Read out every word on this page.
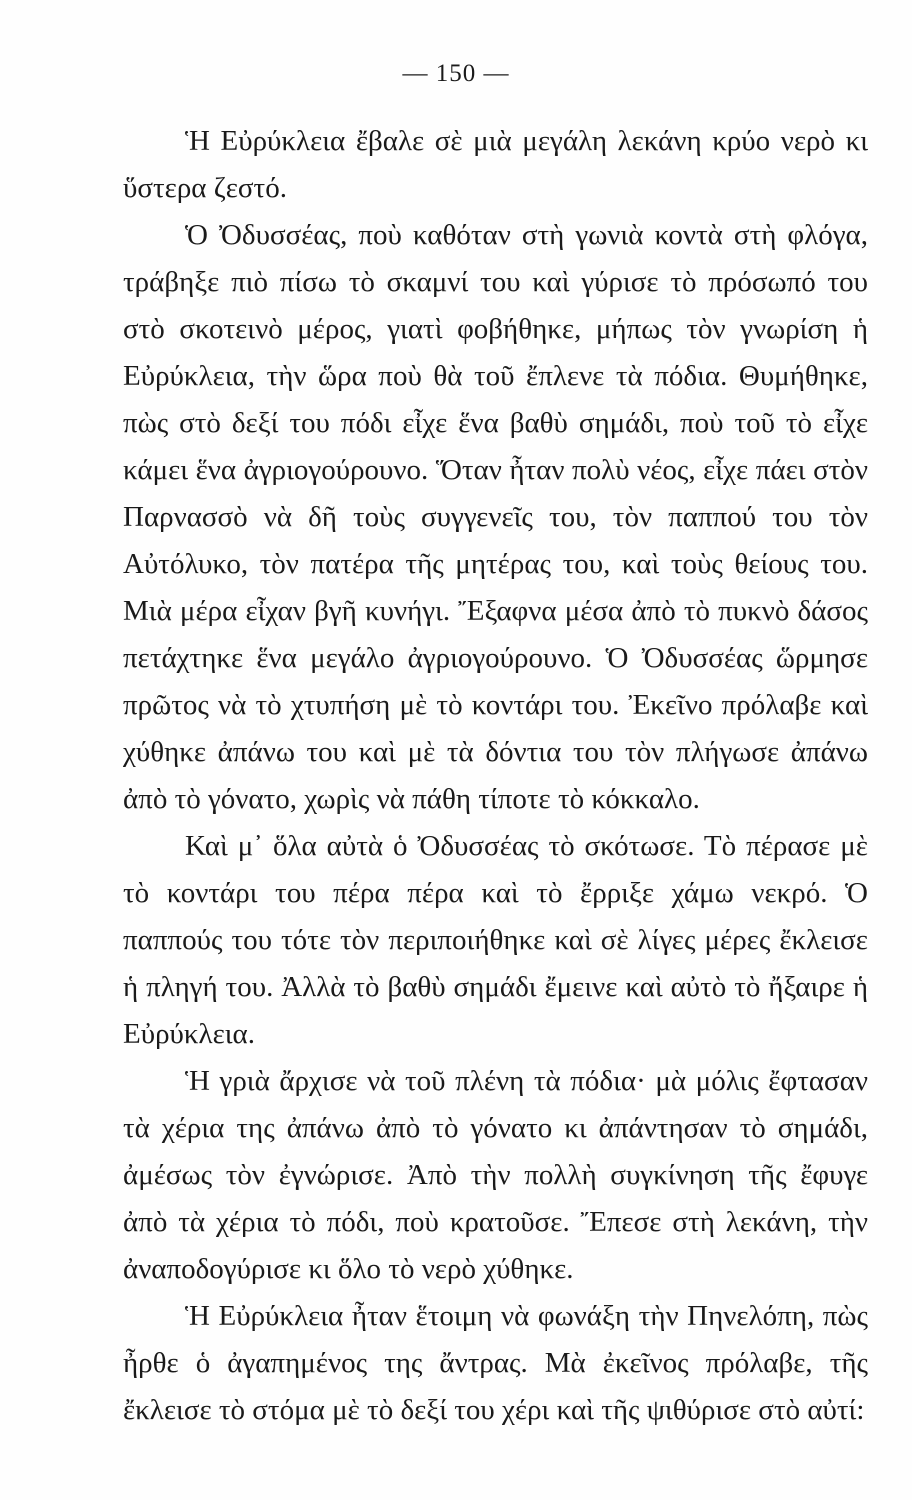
— 150 —

Ἡ Εὐρύκλεια ἔβαλε σὲ μιὰ μεγάλη λεκάνη κρύο νερὸ κι ὕστερα ζεστό.

Ὁ Ὀδυσσέας, ποὺ καθόταν στὴ γωνιὰ κοντὰ στὴ φλόγα, τράβηξε πιὸ πίσω τὸ σκαμνί του καὶ γύρισε τὸ πρόσωπό του στὸ σκοτεινὸ μέρος, γιατὶ φοβήθηκε, μήπως τὸν γνωρίση ἡ Εὐρύκλεια, τὴν ὥρα ποὺ θὰ τοῦ ἔπλενε τὰ πόδια. Θυμήθηκε, πὼς στὸ δεξί του πόδι εἶχε ἕνα βαθὺ σημάδι, ποὺ τοῦ τὸ εἶχε κάμει ἕνα ἀγριογούρουνο. Ὅταν ἦταν πολὺ νέος, εἶχε πάει στὸν Παρνασσὸ νὰ δῆ τοὺς συγγενεῖς του, τὸν παππού του τὸν Αὐτόλυκο, τὸν πατέρα τῆς μητέρας του, καὶ τοὺς θείους του. Μιὰ μέρα εἶχαν βγῆ κυνήγι. Ἔξαφνα μέσα ἀπὸ τὸ πυκνὸ δάσος πετάχτηκε ἕνα μεγάλο ἀγριογούρουνο. Ὁ Ὀδυσσέας ὥρμησε πρῶτος νὰ τὸ χτυπήση μὲ τὸ κοντάρι του. Ἐκεῖνο πρόλαβε καὶ χύθηκε ἀπάνω του καὶ μὲ τὰ δόντια του τὸν πλήγωσε ἀπάνω ἀπὸ τὸ γόνατο, χωρὶς νὰ πάθη τίποτε τὸ κόκκαλο.

Καὶ μ᾿ ὅλα αὐτὰ ὁ Ὀδυσσέας τὸ σκότωσε. Τὸ πέρασε μὲ τὸ κοντάρι του πέρα πέρα καὶ τὸ ἔρριξε χάμω νεκρό. Ὁ παππούς του τότε τὸν περιποιήθηκε καὶ σὲ λίγες μέρες ἔκλεισε ἡ πληγή του. Ἀλλὰ τὸ βαθὺ σημάδι ἔμεινε καὶ αὐτὸ τὸ ἤξαιρε ἡ Εὐρύκλεια.

Ἡ γριὰ ἄρχισε νὰ τοῦ πλένη τὰ πόδια· μὰ μόλις ἔφτασαν τὰ χέρια της ἀπάνω ἀπὸ τὸ γόνατο κι ἀπάντησαν τὸ σημάδι, ἀμέσως τὸν ἐγνώρισε. Ἀπὸ τὴν πολλὴ συγκίνηση τῆς ἔφυγε ἀπὸ τὰ χέρια τὸ πόδι, ποὺ κρατοῦσε. Ἔπεσε στὴ λεκάνη, τὴν ἀναποδογύρισε κι ὅλο τὸ νερὸ χύθηκε.

Ἡ Εὐρύκλεια ἦταν ἕτοιμη νὰ φωνάξη τὴν Πηνελόπη, πὼς ἦρθε ὁ ἀγαπημένος της ἄντρας. Μὰ ἐκεῖνος πρόλαβε, τῆς ἔκλεισε τὸ στόμα μὲ τὸ δεξί του χέρι καὶ τῆς ψιθύρισε στὸ αὐτί:
